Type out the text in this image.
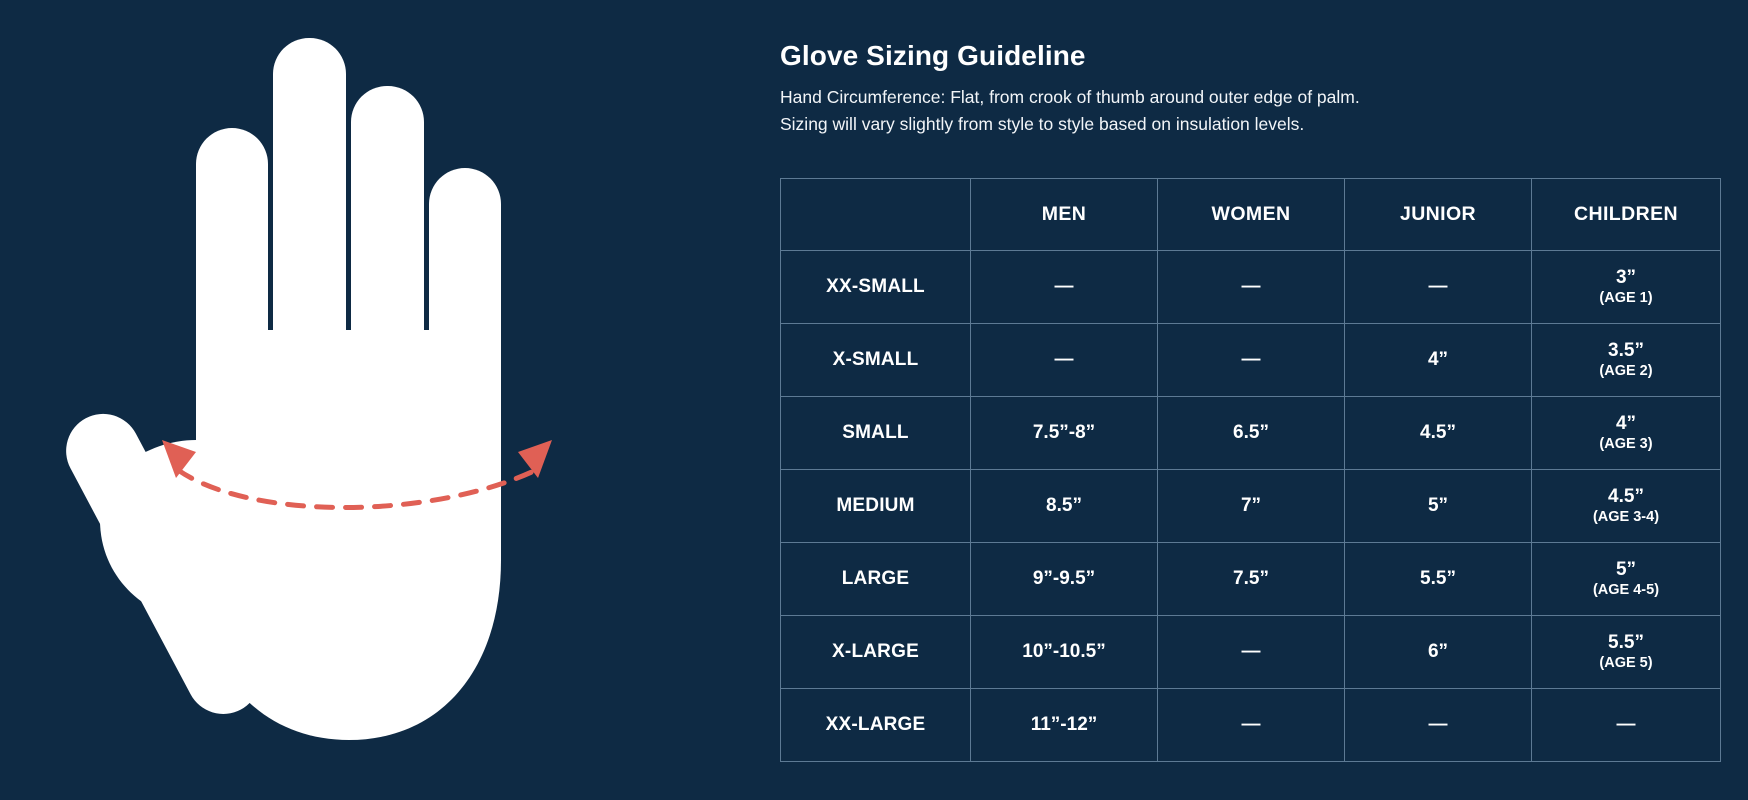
Glove Sizing Guideline
Hand Circumference: Flat, from crook of thumb around outer edge of palm.
Sizing will vary slightly from style to style based on insulation levels.
	MEN	WOMEN	JUNIOR	CHILDREN
XX-SMALL	—	—	—	3”
(AGE 1)

X-SMALL	—	—	4”	3.5”
(AGE 2)

SMALL	7.5”-8”	6.5”	4.5”	4”
(AGE 3)

MEDIUM	8.5”	7”	5”	4.5”
(AGE 3-4)

LARGE	9”-9.5”	7.5”	5.5”	5”
(AGE 4-5)

X-LARGE	10”-10.5”	—	6”	5.5”
(AGE 5)

XX-LARGE	11”-12”	—	—	—
